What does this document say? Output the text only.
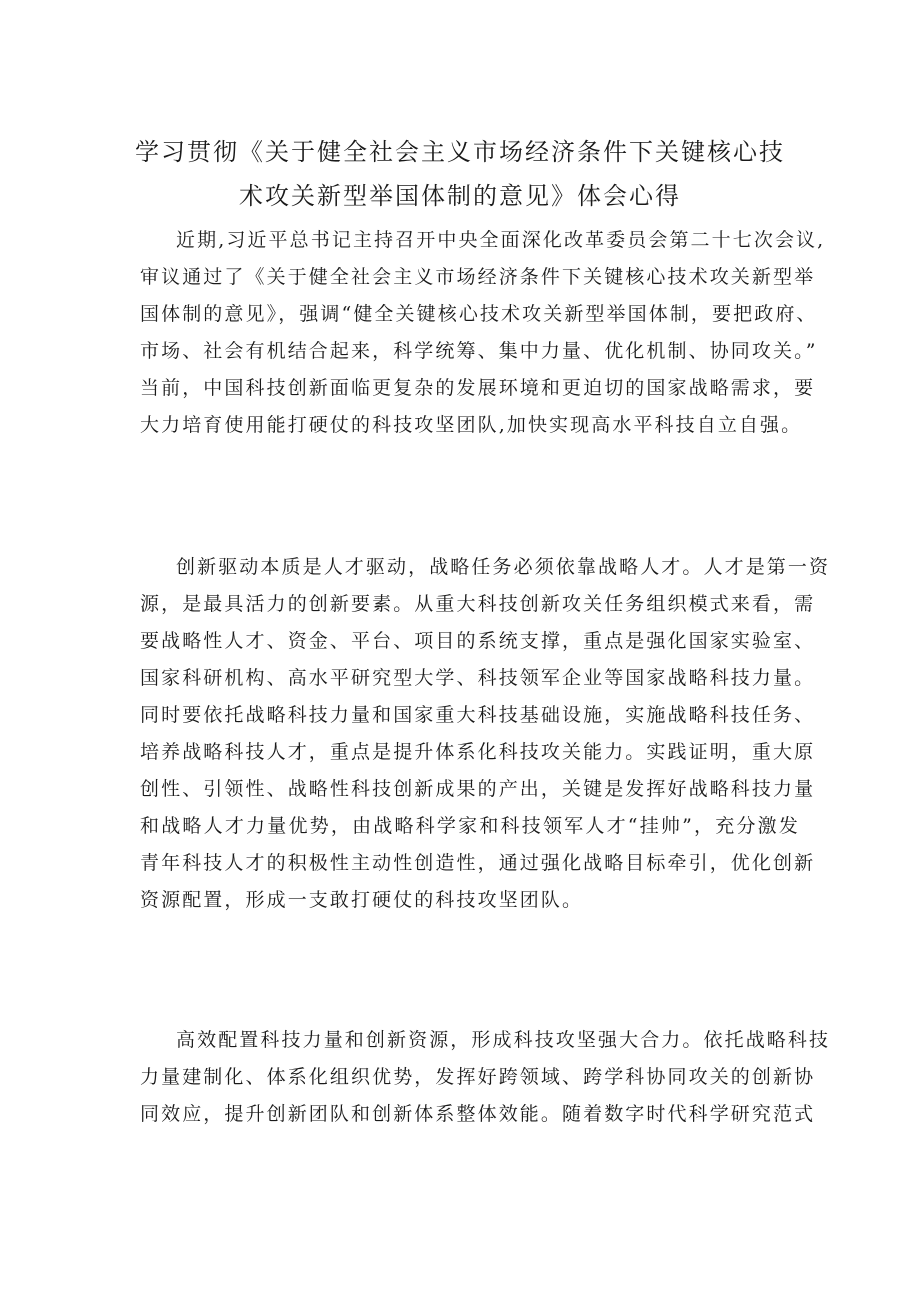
学习贯彻《关于健全社会主义市场经济条件下关键核心技
术攻关新型举国体制的意见》体会心得
近期,习近平总书记主持召开中央全面深化改革委员会第二十七次会议,
审议通过了《关于健全社会主义市场经济条件下关键核心技术攻关新型举
国体制的意见》，强调“健全关键核心技术攻关新型举国体制，要把政府、
市场、社会有机结合起来，科学统筹、集中力量、优化机制、协同攻关。”
当前，中国科技创新面临更复杂的发展环境和更迫切的国家战略需求，要
大力培育使用能打硬仗的科技攻坚团队,加快实现高水平科技自立自强。
创新驱动本质是人才驱动，战略任务必须依靠战略人才。人才是第一资
源，是最具活力的创新要素。从重大科技创新攻关任务组织模式来看，需
要战略性人才、资金、平台、项目的系统支撑，重点是强化国家实验室、
国家科研机构、高水平研究型大学、科技领军企业等国家战略科技力量。
同时要依托战略科技力量和国家重大科技基础设施，实施战略科技任务、
培养战略科技人才，重点是提升体系化科技攻关能力。实践证明，重大原
创性、引领性、战略性科技创新成果的产出，关键是发挥好战略科技力量
和战略人才力量优势，由战略科学家和科技领军人才“挂帅”，充分激发
青年科技人才的积极性主动性创造性，通过强化战略目标牵引，优化创新
资源配置，形成一支敢打硬仗的科技攻坚团队。
高效配置科技力量和创新资源，形成科技攻坚强大合力。依托战略科技
力量建制化、体系化组织优势，发挥好跨领域、跨学科协同攻关的创新协
同效应，提升创新团队和创新体系整体效能。随着数字时代科学研究范式
